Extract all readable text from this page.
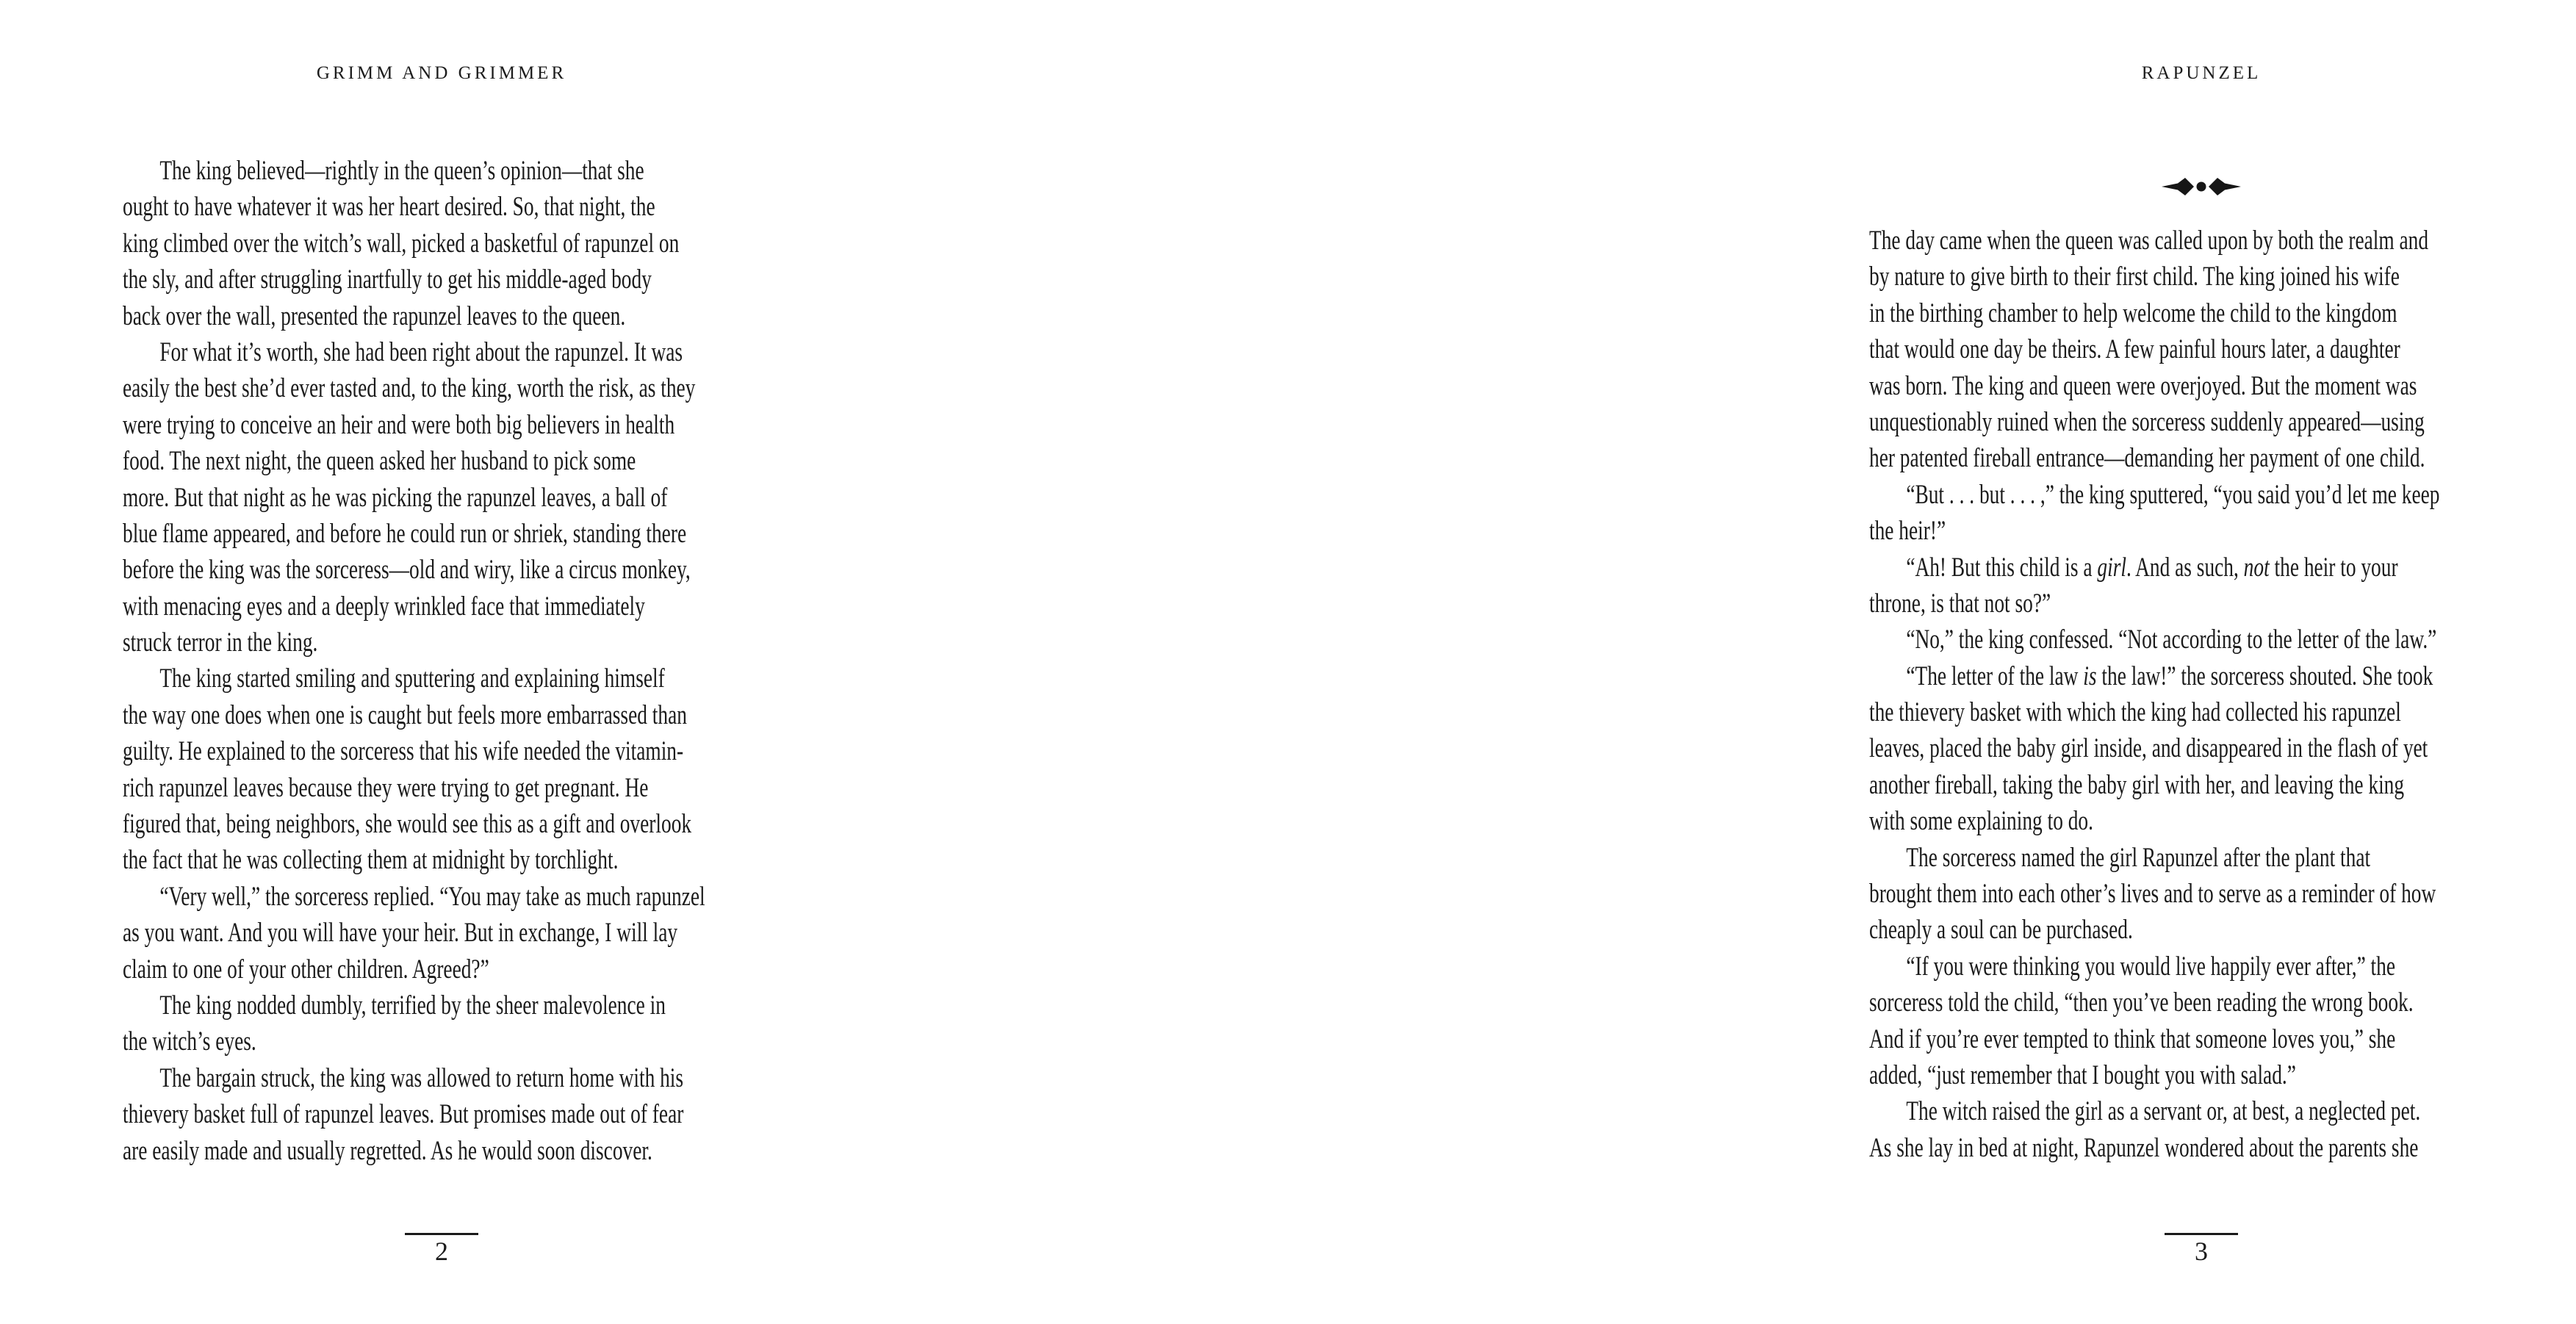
GRIMM AND GRIMMER
The king believed—rightly in the queen’s opinion—that she
ought to have whatever it was her heart desired. So, that night, the
king climbed over the witch’s wall, picked a basketful of rapunzel on
the sly, and after struggling inartfully to get his middle-aged body
back over the wall, presented the rapunzel leaves to the queen.
For what it’s worth, she had been right about the rapunzel. It was
easily the best she’d ever tasted and, to the king, worth the risk, as they
were trying to conceive an heir and were both big believers in health
food. The next night, the queen asked her husband to pick some
more. But that night as he was picking the rapunzel leaves, a ball of
blue flame appeared, and before he could run or shriek, standing there
before the king was the sorceress—old and wiry, like a circus monkey,
with menacing eyes and a deeply wrinkled face that immediately
struck terror in the king.
The king started smiling and sputtering and explaining himself
the way one does when one is caught but feels more embarrassed than
guilty. He explained to the sorceress that his wife needed the vitamin-
rich rapunzel leaves because they were trying to get pregnant. He
figured that, being neighbors, she would see this as a gift and overlook
the fact that he was collecting them at midnight by torchlight.
“Very well,” the sorceress replied. “You may take as much rapunzel
as you want. And you will have your heir. But in exchange, I will lay
claim to one of your other children. Agreed?”
The king nodded dumbly, terrified by the sheer malevolence in
the witch’s eyes.
The bargain struck, the king was allowed to return home with his
thievery basket full of rapunzel leaves. But promises made out of fear
are easily made and usually regretted. As he would soon discover.
2
RAPUNZEL
The day came when the queen was called upon by both the realm and
by nature to give birth to their first child. The king joined his wife
in the birthing chamber to help welcome the child to the kingdom
that would one day be theirs. A few painful hours later, a daughter
was born. The king and queen were overjoyed. But the moment was
unquestionably ruined when the sorceress suddenly appeared—using
her patented fireball entrance—demanding her payment of one child.
“But . . . but . . . ,” the king sputtered, “you said you’d let me keep
the heir!”
“Ah! But this child is a girl. And as such, not the heir to your
throne, is that not so?”
“No,” the king confessed. “Not according to the letter of the law.”
“The letter of the law is the law!” the sorceress shouted. She took
the thievery basket with which the king had collected his rapunzel
leaves, placed the baby girl inside, and disappeared in the flash of yet
another fireball, taking the baby girl with her, and leaving the king
with some explaining to do.
The sorceress named the girl Rapunzel after the plant that
brought them into each other’s lives and to serve as a reminder of how
cheaply a soul can be purchased.
“If you were thinking you would live happily ever after,” the
sorceress told the child, “then you’ve been reading the wrong book.
And if you’re ever tempted to think that someone loves you,” she
added, “just remember that I bought you with salad.”
The witch raised the girl as a servant or, at best, a neglected pet.
As she lay in bed at night, Rapunzel wondered about the parents she
3
